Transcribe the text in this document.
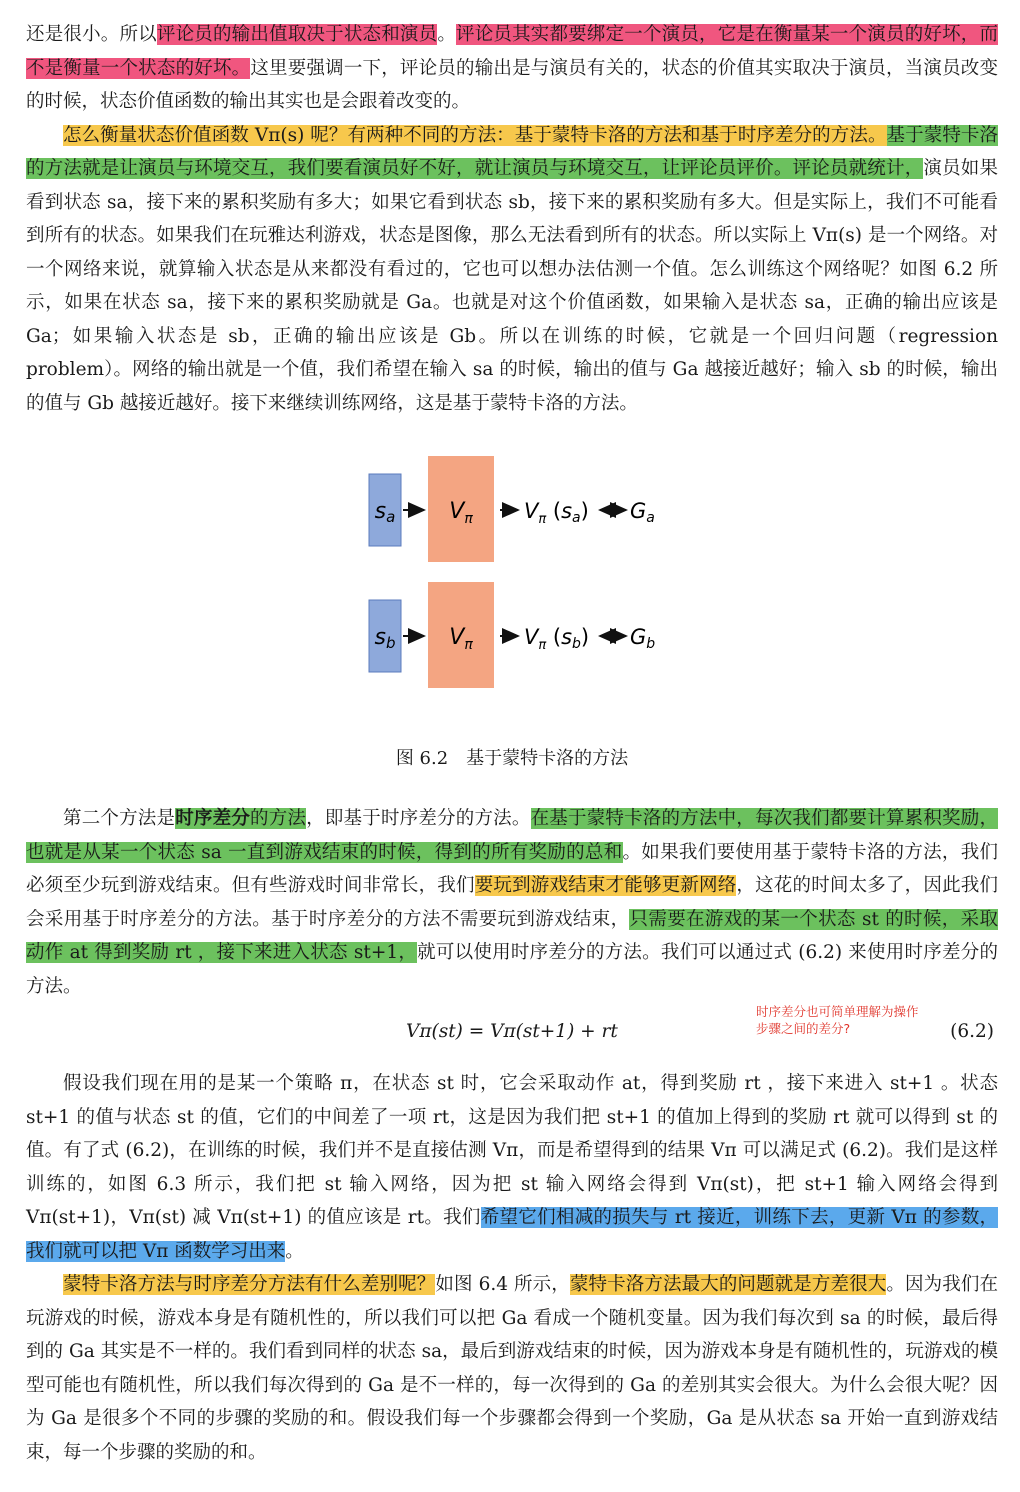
还是很小。所以评论员的输出值取决于状态和演员。评论员其实都要绑定一个演员，它是在衡量某一个演员的好坏，而不是衡量一个状态的好坏。这里要强调一下，评论员的输出是与演员有关的，状态的价值其实取决于演员，当演员改变的时候，状态价值函数的输出其实也是会跟着改变的。

怎么衡量状态价值函数 Vπ(s) 呢？有两种不同的方法：基于蒙特卡洛的方法和基于时序差分的方法。基于蒙特卡洛的方法就是让演员与环境交互，我们要看演员好不好，就让演员与环境交互，让评论员评价。评论员就统计，演员如果看到状态 sa，接下来的累积奖励有多大；如果它看到状态 sb，接下来的累积奖励有多大。但是实际上，我们不可能看到所有的状态。如果我们在玩雅达利游戏，状态是图像，那么无法看到所有的状态。所以实际上 Vπ(s) 是一个网络。对一个网络来说，就算输入状态是从来都没有看过的，它也可以想办法估测一个值。怎么训练这个网络呢？如图 6.2 所示，如果在状态 sa，接下来的累积奖励就是 Ga。也就是对这个价值函数，如果输入是状态 sa，正确的输出应该是 Ga；如果输入状态是 sb，正确的输出应该是 Gb。所以在训练的时候，它就是一个回归问题（regression problem）。网络的输出就是一个值，我们希望在输入 sa 的时候，输出的值与 Ga 越接近越好；输入 sb 的时候，输出的值与 Gb 越接近越好。接下来继续训练网络，这是基于蒙特卡洛的方法。

sa $V_\pi$ $V_\pi$ (sa) Ga
sb $V_\pi$ $V_\pi$ (sb) Gb
图 6.2　基于蒙特卡洛的方法

第二个方法是时序差分的方法，即基于时序差分的方法。在基于蒙特卡洛的方法中，每次我们都要计算累积奖励，也就是从某一个状态 sa 一直到游戏结束的时候，得到的所有奖励的总和。如果我们要使用基于蒙特卡洛的方法，我们必须至少玩到游戏结束。但有些游戏时间非常长，我们要玩到游戏结束才能够更新网络，这花的时间太多了，因此我们会采用基于时序差分的方法。基于时序差分的方法不需要玩到游戏结束，只需要在游戏的某一个状态 st 的时候，采取动作 at 得到奖励 rt ，接下来进入状态 st+1，就可以使用时序差分的方法。我们可以通过式 (6.2) 来使用时序差分的方法。

Vπ(st) = Vπ(st+1) + rt
时序差分也可简单理解为操作步骤之间的差分?	(6.2)

假设我们现在用的是某一个策略 π，在状态 st 时，它会采取动作 at，得到奖励 rt ，接下来进入 st+1 。状态 st+1 的值与状态 st 的值，它们的中间差了一项 rt，这是因为我们把 st+1 的值加上得到的奖励 rt 就可以得到 st 的值。有了式 (6.2)，在训练的时候，我们并不是直接估测 Vπ，而是希望得到的结果 Vπ 可以满足式 (6.2)。我们是这样训练的，如图 6.3 所示，我们把 st 输入网络，因为把 st 输入网络会得到 Vπ(st)，把 st+1 输入网络会得到 Vπ(st+1)，Vπ(st) 减 Vπ(st+1) 的值应该是 rt。我们希望它们相减的损失与 rt 接近，训练下去，更新 Vπ 的参数，我们就可以把 Vπ 函数学习出来。

蒙特卡洛方法与时序差分方法有什么差别呢？如图 6.4 所示，蒙特卡洛方法最大的问题就是方差很大。因为我们在玩游戏的时候，游戏本身是有随机性的，所以我们可以把 Ga 看成一个随机变量。因为我们每次到 sa 的时候，最后得到的 Ga 其实是不一样的。我们看到同样的状态 sa，最后到游戏结束的时候，因为游戏本身是有随机性的，玩游戏的模型可能也有随机性，所以我们每次得到的 Ga 是不一样的，每一次得到的 Ga 的差别其实会很大。为什么会很大呢？因为 Ga 是很多个不同的步骤的奖励的和。假设我们每一个步骤都会得到一个奖励，Ga 是从状态 sa 开始一直到游戏结束，每一个步骤的奖励的和。
